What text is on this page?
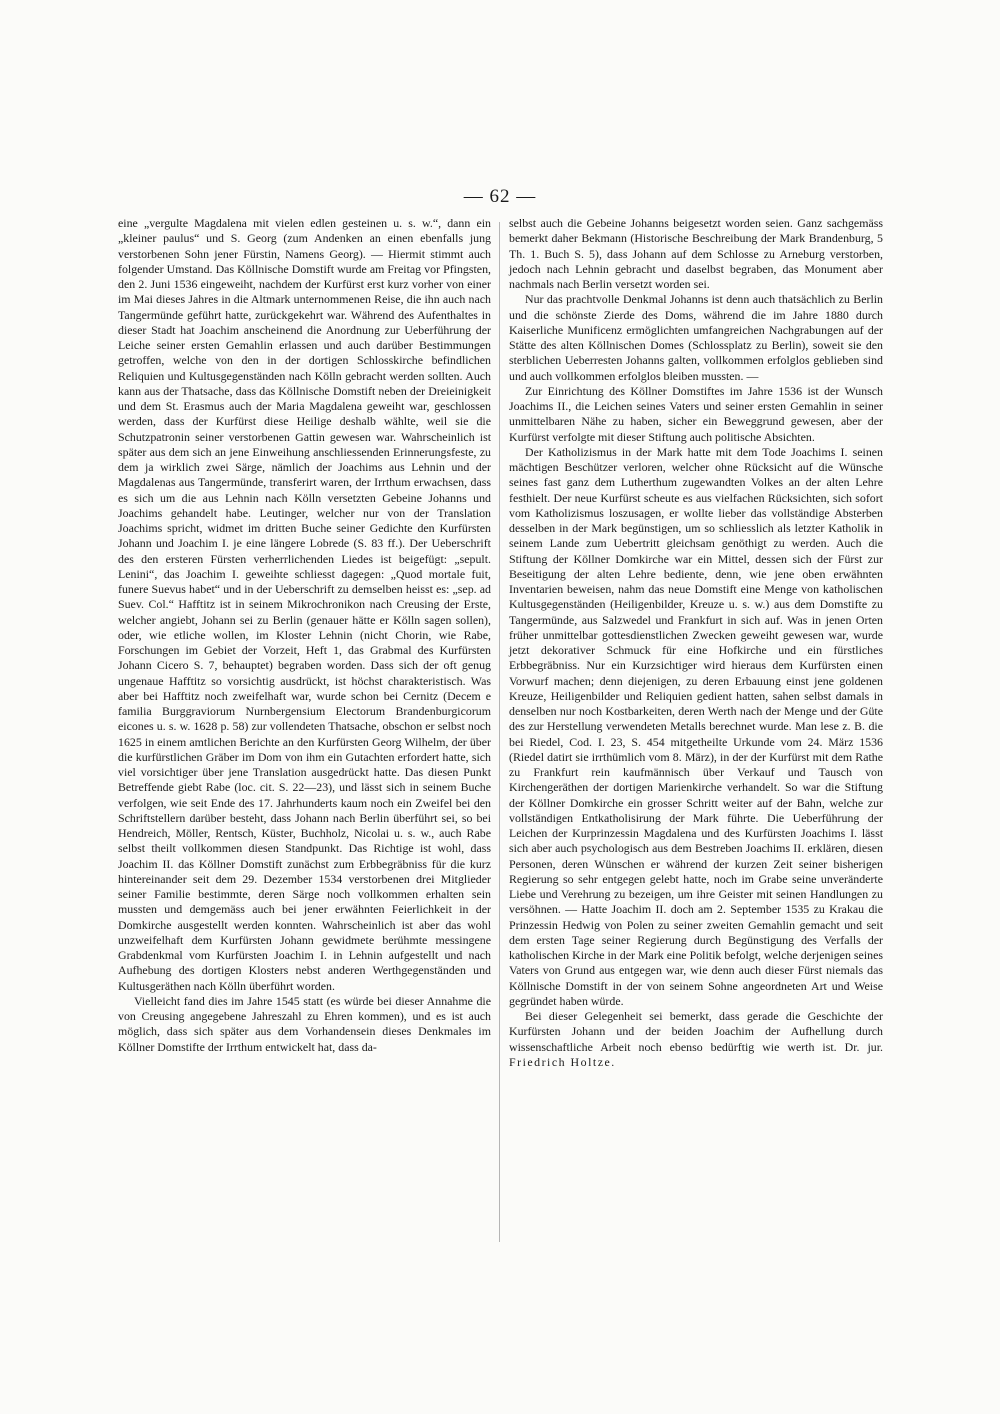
— 62 —

eine „vergulte Magdalena mit vielen edlen gesteinen u. s. w.“, dann ein „kleiner paulus“ und S. Georg (zum Andenken an einen ebenfalls jung verstorbenen Sohn jener Fürstin, Namens Georg). — Hiermit stimmt auch folgender Umstand. Das Köllnische Domstift wurde am Freitag vor Pfingsten, den 2. Juni 1536 eingeweiht, nachdem der Kurfürst erst kurz vorher von einer im Mai dieses Jahres in die Altmark unternommenen Reise, die ihn auch nach Tangermünde geführt hatte, zurückgekehrt war. Während des Aufenthaltes in dieser Stadt hat Joachim anscheinend die Anordnung zur Ueberführung der Leiche seiner ersten Gemahlin erlassen und auch darüber Bestimmungen getroffen, welche von den in der dortigen Schlosskirche befindlichen Reliquien und Kultusgegenständen nach Kölln gebracht werden sollten. Auch kann aus der Thatsache, dass das Köllnische Domstift neben der Dreieinigkeit und dem St. Erasmus auch der Maria Magdalena geweiht war, geschlossen werden, dass der Kurfürst diese Heilige deshalb wählte, weil sie die Schutzpatronin seiner verstorbenen Gattin gewesen war. Wahrscheinlich ist später aus dem sich an jene Einweihung anschliessenden Erinnerungsfeste, zu dem ja wirklich zwei Särge, nämlich der Joachims aus Lehnin und der Magdalenas aus Tangermünde, transferirt waren, der Irrthum erwachsen, dass es sich um die aus Lehnin nach Kölln versetzten Gebeine Johanns und Joachims gehandelt habe. Leutinger, welcher nur von der Translation Joachims spricht, widmet im dritten Buche seiner Gedichte den Kurfürsten Johann und Joachim I. je eine längere Lobrede (S. 83 ff.). Der Ueberschrift des den ersteren Fürsten verherrlichenden Liedes ist beigefügt: „sepult. Lenini“, das Joachim I. geweihte schliesst dagegen: „Quod mortale fuit, funere Suevus habet“ und in der Ueberschrift zu demselben heisst es: „sep. ad Suev. Col.“ Hafftitz ist in seinem Mikrochronikon nach Creusing der Erste, welcher angiebt, Johann sei zu Berlin (genauer hätte er Kölln sagen sollen), oder, wie etliche wollen, im Kloster Lehnin (nicht Chorin, wie Rabe, Forschungen im Gebiet der Vorzeit, Heft 1, das Grabmal des Kurfürsten Johann Cicero S. 7, behauptet) begraben worden. Dass sich der oft genug ungenaue Hafftitz so vorsichtig ausdrückt, ist höchst charakteristisch. Was aber bei Hafftitz noch zweifelhaft war, wurde schon bei Cernitz (Decem e familia Burggraviorum Nurnbergensium Electorum Brandenburgicorum eicones u. s. w. 1628 p. 58) zur vollendeten Thatsache, obschon er selbst noch 1625 in einem amtlichen Berichte an den Kurfürsten Georg Wilhelm, der über die kurfürstlichen Gräber im Dom von ihm ein Gutachten erfordert hatte, sich viel vorsichtiger über jene Translation ausgedrückt hatte. Das diesen Punkt Betreffende giebt Rabe (loc. cit. S. 22—23), und lässt sich in seinem Buche verfolgen, wie seit Ende des 17. Jahrhunderts kaum noch ein Zweifel bei den Schriftstellern darüber besteht, dass Johann nach Berlin überführt sei, so bei Hendreich, Möller, Rentsch, Küster, Buchholz, Nicolai u. s. w., auch Rabe selbst theilt vollkommen diesen Standpunkt. Das Richtige ist wohl, dass Joachim II. das Köllner Domstift zunächst zum Erbbegräbniss für die kurz hintereinander seit dem 29. Dezember 1534 verstorbenen drei Mitglieder seiner Familie bestimmte, deren Särge noch vollkommen erhalten sein mussten und demgemäss auch bei jener erwähnten Feierlichkeit in der Domkirche ausgestellt werden konnten. Wahrscheinlich ist aber das wohl unzweifelhaft dem Kurfürsten Johann gewidmete berühmte messingene Grabdenkmal vom Kurfürsten Joachim I. in Lehnin aufgestellt und nach Aufhebung des dortigen Klosters nebst anderen Werthgegenständen und Kultusgeräthen nach Kölln überführt worden.

Vielleicht fand dies im Jahre 1545 statt (es würde bei dieser Annahme die von Creusing angegebene Jahreszahl zu Ehren kommen), und es ist auch möglich, dass sich später aus dem Vorhandensein dieses Denkmales im Köllner Domstifte der Irrthum entwickelt hat, dass da-

selbst auch die Gebeine Johanns beigesetzt worden seien. Ganz sachgemäss bemerkt daher Bekmann (Historische Beschreibung der Mark Brandenburg, 5 Th. 1. Buch S. 5), dass Johann auf dem Schlosse zu Arneburg verstorben, jedoch nach Lehnin gebracht und daselbst begraben, das Monument aber nachmals nach Berlin versetzt worden sei.

Nur das prachtvolle Denkmal Johanns ist denn auch thatsächlich zu Berlin und die schönste Zierde des Doms, während die im Jahre 1880 durch Kaiserliche Munificenz ermöglichten umfangreichen Nachgrabungen auf der Stätte des alten Köllnischen Domes (Schlossplatz zu Berlin), soweit sie den sterblichen Ueberresten Johanns galten, vollkommen erfolglos geblieben sind und auch vollkommen erfolglos bleiben mussten. —

Zur Einrichtung des Köllner Domstiftes im Jahre 1536 ist der Wunsch Joachims II., die Leichen seines Vaters und seiner ersten Gemahlin in seiner unmittelbaren Nähe zu haben, sicher ein Beweggrund gewesen, aber der Kurfürst verfolgte mit dieser Stiftung auch politische Absichten.

Der Katholizismus in der Mark hatte mit dem Tode Joachims I. seinen mächtigen Beschützer verloren, welcher ohne Rücksicht auf die Wünsche seines fast ganz dem Lutherthum zugewandten Volkes an der alten Lehre festhielt. Der neue Kurfürst scheute es aus vielfachen Rücksichten, sich sofort vom Katholizismus loszusagen, er wollte lieber das vollständige Absterben desselben in der Mark begünstigen, um so schliesslich als letzter Katholik in seinem Lande zum Uebertritt gleichsam genöthigt zu werden. Auch die Stiftung der Köllner Domkirche war ein Mittel, dessen sich der Fürst zur Beseitigung der alten Lehre bediente, denn, wie jene oben erwähnten Inventarien beweisen, nahm das neue Domstift eine Menge von katholischen Kultusgegenständen (Heiligenbilder, Kreuze u. s. w.) aus dem Domstifte zu Tangermünde, aus Salzwedel und Frankfurt in sich auf. Was in jenen Orten früher unmittelbar gottesdienstlichen Zwecken geweiht gewesen war, wurde jetzt dekorativer Schmuck für eine Hofkirche und ein fürstliches Erbbegräbniss. Nur ein Kurzsichtiger wird hieraus dem Kurfürsten einen Vorwurf machen; denn diejenigen, zu deren Erbauung einst jene goldenen Kreuze, Heiligenbilder und Reliquien gedient hatten, sahen selbst damals in denselben nur noch Kostbarkeiten, deren Werth nach der Menge und der Güte des zur Herstellung verwendeten Metalls berechnet wurde. Man lese z. B. die bei Riedel, Cod. I. 23, S. 454 mitgetheilte Urkunde vom 24. März 1536 (Riedel datirt sie irrthümlich vom 8. März), in der der Kurfürst mit dem Rathe zu Frankfurt rein kaufmännisch über Verkauf und Tausch von Kirchengeräthen der dortigen Marienkirche verhandelt. So war die Stiftung der Köllner Domkirche ein grosser Schritt weiter auf der Bahn, welche zur vollständigen Entkatholisirung der Mark führte. Die Ueberführung der Leichen der Kurprinzessin Magdalena und des Kurfürsten Joachims I. lässt sich aber auch psychologisch aus dem Bestreben Joachims II. erklären, diesen Personen, deren Wünschen er während der kurzen Zeit seiner bisherigen Regierung so sehr entgegen gelebt hatte, noch im Grabe seine unveränderte Liebe und Verehrung zu bezeigen, um ihre Geister mit seinen Handlungen zu versöhnen. — Hatte Joachim II. doch am 2. September 1535 zu Krakau die Prinzessin Hedwig von Polen zu seiner zweiten Gemahlin gemacht und seit dem ersten Tage seiner Regierung durch Begünstigung des Verfalls der katholischen Kirche in der Mark eine Politik befolgt, welche derjenigen seines Vaters von Grund aus entgegen war, wie denn auch dieser Fürst niemals das Köllnische Domstift in der von seinem Sohne angeordneten Art und Weise gegründet haben würde.

Bei dieser Gelegenheit sei bemerkt, dass gerade die Geschichte der Kurfürsten Johann und der beiden Joachim der Aufhellung durch wissenschaftliche Arbeit noch ebenso bedürftig wie werth ist. Dr. jur. Friedrich Holtze.
